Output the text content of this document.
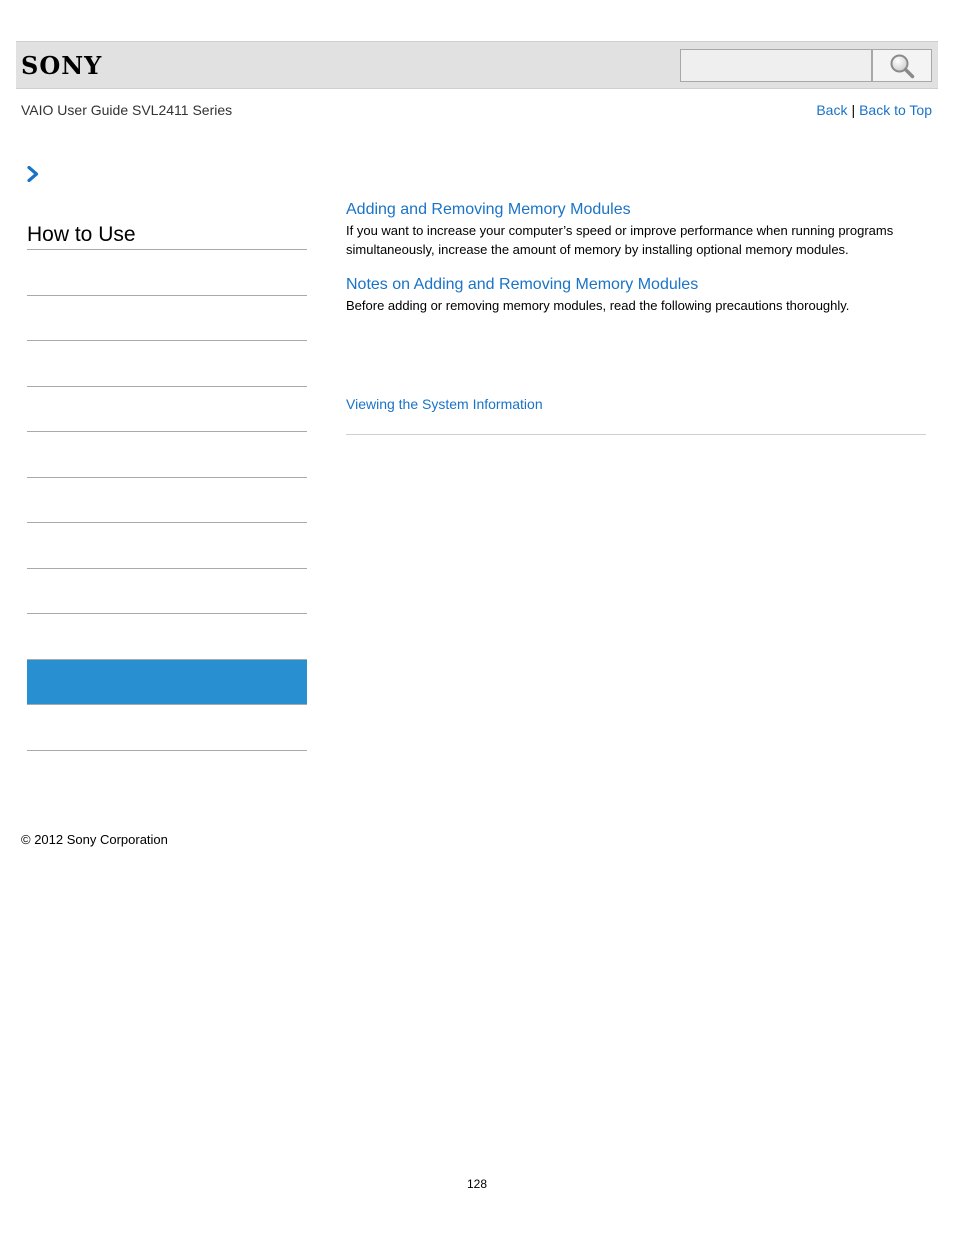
SONY
VAIO User Guide SVL2411 Series	Back | Back to Top
How to Use
Adding and Removing Memory Modules
If you want to increase your computer’s speed or improve performance when running programs simultaneously, increase the amount of memory by installing optional memory modules.
Notes on Adding and Removing Memory Modules
Before adding or removing memory modules, read the following precautions thoroughly.
Viewing the System Information
© 2012 Sony Corporation
128
